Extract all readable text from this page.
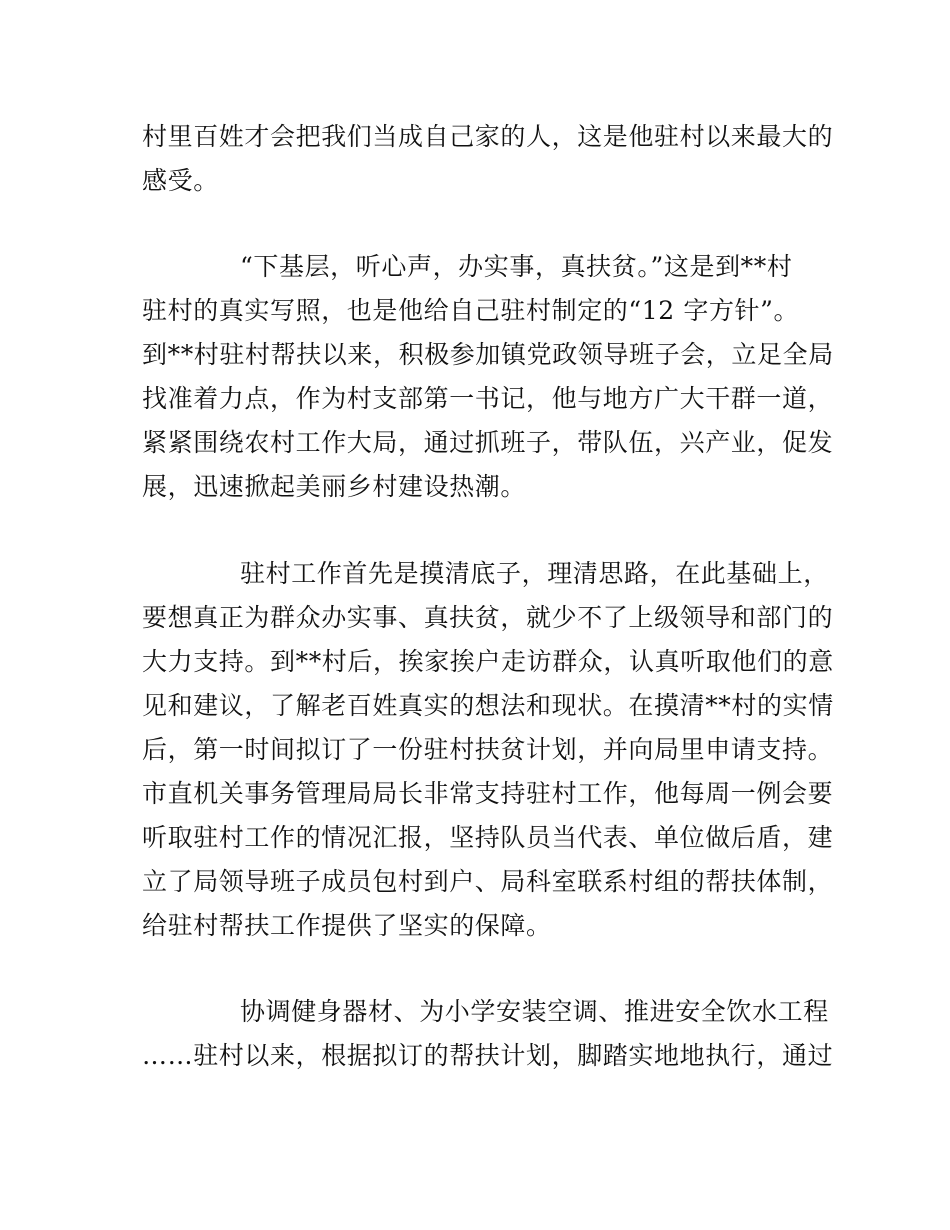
村里百姓才会把我们当成自己家的人，这是他驻村以来最大的
感受。
“下基层，听心声，办实事，真扶贫。”这是到**村
驻村的真实写照，也是他给自己驻村制定的“12 字方针”。
到**村驻村帮扶以来，积极参加镇党政领导班子会，立足全局
找准着力点，作为村支部第一书记，他与地方广大干群一道，
紧紧围绕农村工作大局，通过抓班子，带队伍，兴产业，促发
展，迅速掀起美丽乡村建设热潮。
驻村工作首先是摸清底子，理清思路，在此基础上，
要想真正为群众办实事、真扶贫，就少不了上级领导和部门的
大力支持。到**村后，挨家挨户走访群众，认真听取他们的意
见和建议，了解老百姓真实的想法和现状。在摸清**村的实情
后，第一时间拟订了一份驻村扶贫计划，并向局里申请支持。
市直机关事务管理局局长非常支持驻村工作，他每周一例会要
听取驻村工作的情况汇报，坚持队员当代表、单位做后盾，建
立了局领导班子成员包村到户、局科室联系村组的帮扶体制，
给驻村帮扶工作提供了坚实的保障。
协调健身器材、为小学安装空调、推进安全饮水工程
……驻村以来，根据拟订的帮扶计划，脚踏实地地执行，通过
